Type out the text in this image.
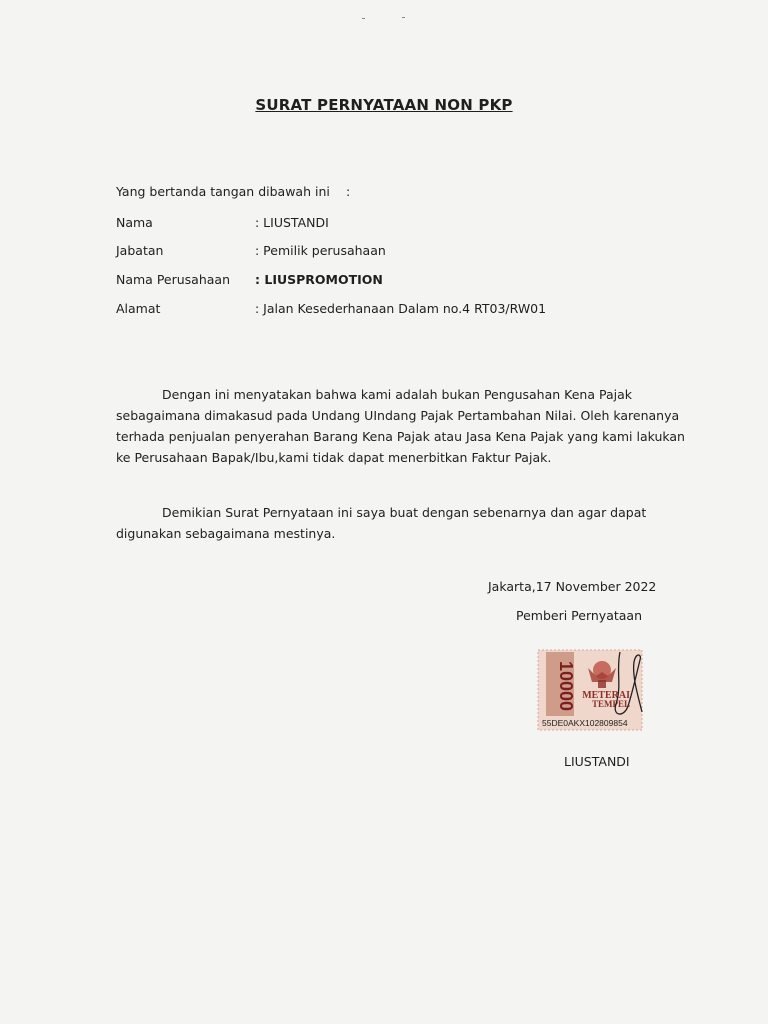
SURAT PERNYATAAN NON PKP
Yang bertanda tangan dibawah ini :
Nama	: LIUSTANDI
Jabatan	: Pemilik perusahaan
Nama Perusahaan : LIUSPROMOTION
Alamat	: Jalan Kesederhanaan Dalam no.4 RT03/RW01

Dengan ini menyatakan bahwa kami adalah bukan Pengusahan Kena Pajak sebagaimana dimakasud pada Undang UIndang Pajak Pertambahan Nilai. Oleh karenanya terhada penjualan penyerahan Barang Kena Pajak atau Jasa Kena Pajak yang kami lakukan ke Perusahaan Bapak/Ibu,kami tidak dapat menerbitkan Faktur Pajak.

Demikian Surat Pernyataan ini saya buat dengan sebenarnya dan agar dapat digunakan sebagaimana mestinya.

Jakarta,17 November 2022
Pemberi Pernyataan
10000 METERAI
TEMPEL
55DE0AKX102809854
LIUSTANDI
